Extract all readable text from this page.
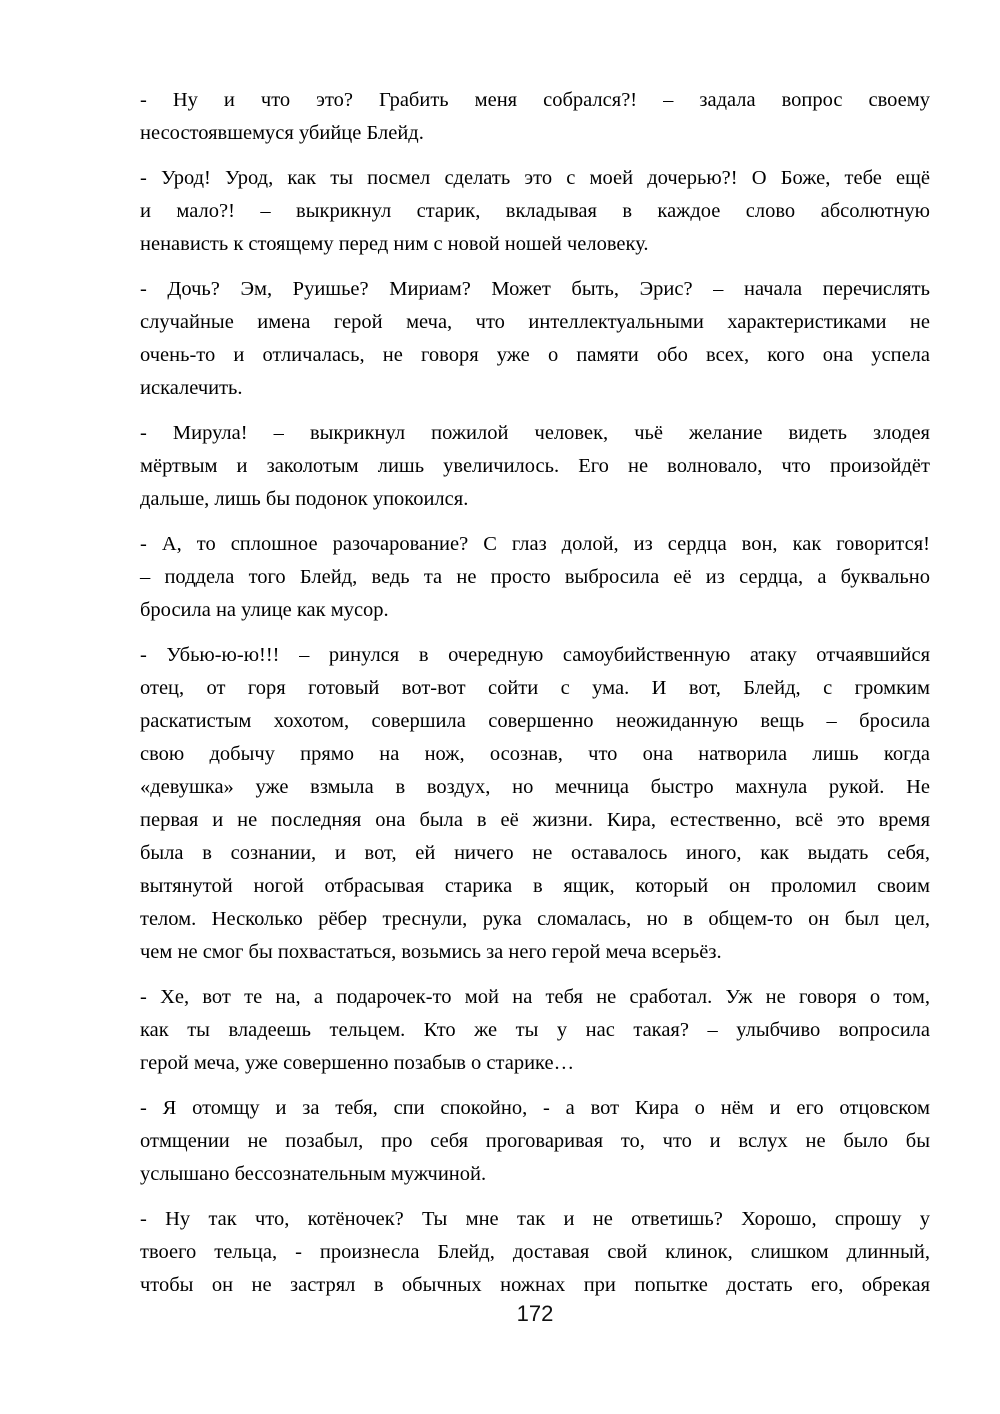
- Ну и что это? Грабить меня собрался?! – задала вопрос своему
несостоявшемуся убийце Блейд.

- Урод! Урод, как ты посмел сделать это с моей дочерью?! О Боже, тебе ещё
и мало?! – выкрикнул старик, вкладывая в каждое слово абсолютную
ненависть к стоящему перед ним с новой ношей человеку.

- Дочь? Эм, Руишье? Мириам? Может быть, Эрис? – начала перечислять
случайные имена герой меча, что интеллектуальными характеристиками не
очень-то и отличалась, не говоря уже о памяти обо всех, кого она успела
искалечить.

- Мирула! – выкрикнул пожилой человек, чьё желание видеть злодея
мёртвым и заколотым лишь увеличилось. Его не волновало, что произойдёт
дальше, лишь бы подонок упокоился.

- А, то сплошное разочарование? С глаз долой, из сердца вон, как говорится!
– поддела того Блейд, ведь та не просто выбросила её из сердца, а буквально
бросила на улице как мусор.

- Убью-ю-ю!!! – ринулся в очередную самоубийственную атаку отчаявшийся
отец, от горя готовый вот-вот сойти с ума. И вот, Блейд, с громким
раскатистым хохотом, совершила совершенно неожиданную вещь – бросила
свою добычу прямо на нож, осознав, что она натворила лишь когда
«девушка» уже взмыла в воздух, но мечница быстро махнула рукой. Не
первая и не последняя она была в её жизни. Кира, естественно, всё это время
была в сознании, и вот, ей ничего не оставалось иного, как выдать себя,
вытянутой ногой отбрасывая старика в ящик, который он проломил своим
телом. Несколько рёбер треснули, рука сломалась, но в общем-то он был цел,
чем не смог бы похвастаться, возьмись за него герой меча всерьёз.

- Хе, вот те на, а подарочек-то мой на тебя не сработал. Уж не говоря о том,
как ты владеешь тельцем. Кто же ты у нас такая? – улыбчиво вопросила
герой меча, уже совершенно позабыв о старике…

- Я отомщу и за тебя, спи спокойно, - а вот Кира о нём и его отцовском
отмщении не позабыл, про себя проговаривая то, что и вслух не было бы
услышано бессознательным мужчиной.

- Ну так что, котёночек? Ты мне так и не ответишь? Хорошо, спрошу у
твоего тельца, - произнесла Блейд, доставая свой клинок, слишком длинный,
чтобы он не застрял в обычных ножнах при попытке достать его, обрекая

172
